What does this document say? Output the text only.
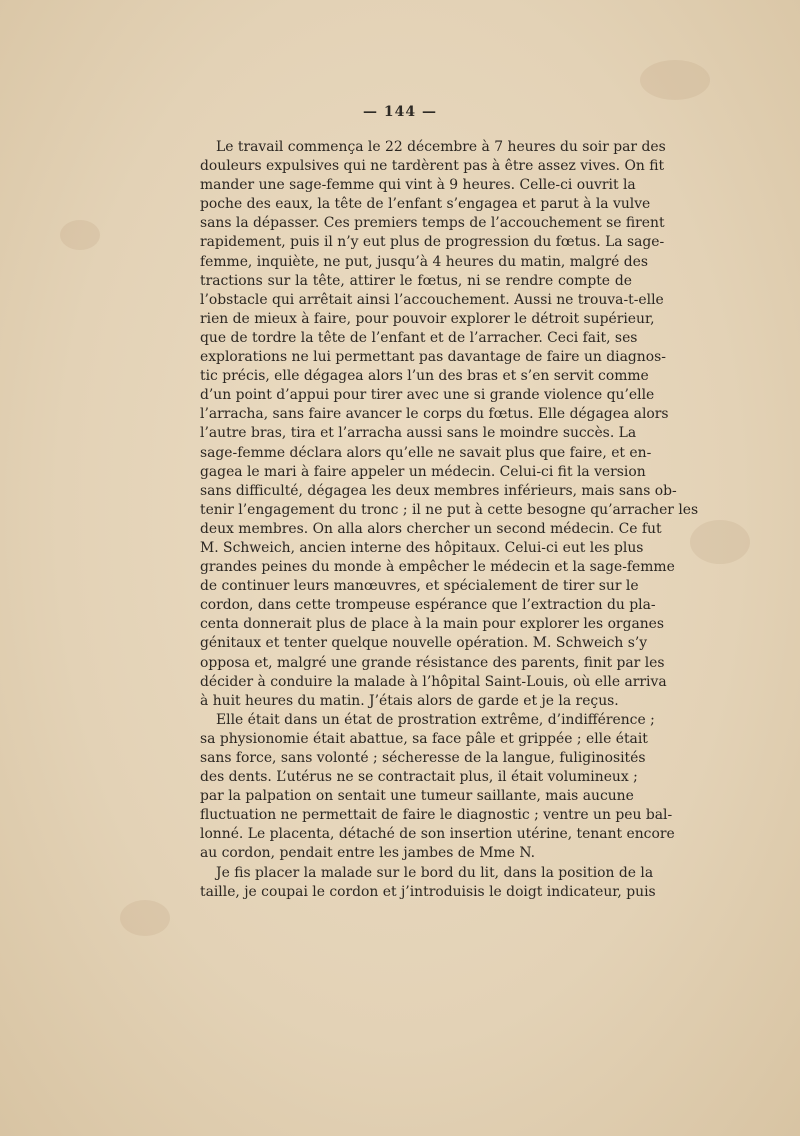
— 144 —
Le travail commença le 22 décembre à 7 heures du soir par des
douleurs expulsives qui ne tardèrent pas à être assez vives. On fit
mander une sage-femme qui vint à 9 heures. Celle-ci ouvrit la
poche des eaux, la tête de l’enfant s’engagea et parut à la vulve
sans la dépasser. Ces premiers temps de l’accouchement se firent
rapidement, puis il n’y eut plus de progression du fœtus. La sage-
femme, inquiète, ne put, jusqu’à 4 heures du matin, malgré des
tractions sur la tête, attirer le fœtus, ni se rendre compte de
l’obstacle qui arrêtait ainsi l’accouchement. Aussi ne trouva-t-elle
rien de mieux à faire, pour pouvoir explorer le détroit supérieur,
que de tordre la tête de l’enfant et de l’arracher. Ceci fait, ses
explorations ne lui permettant pas davantage de faire un diagnos-
tic précis, elle dégagea alors l’un des bras et s’en servit comme
d’un point d’appui pour tirer avec une si grande violence qu’elle
l’arracha, sans faire avancer le corps du fœtus. Elle dégagea alors
l’autre bras, tira et l’arracha aussi sans le moindre succès. La
sage-femme déclara alors qu’elle ne savait plus que faire, et en-
gagea le mari à faire appeler un médecin. Celui-ci fit la version
sans difficulté, dégagea les deux membres inférieurs, mais sans ob-
tenir l’engagement du tronc ; il ne put à cette besogne qu’arracher les
deux membres. On alla alors chercher un second médecin. Ce fut
M. Schweich, ancien interne des hôpitaux. Celui-ci eut les plus
grandes peines du monde à empêcher le médecin et la sage-femme
de continuer leurs manœuvres, et spécialement de tirer sur le
cordon, dans cette trompeuse espérance que l’extraction du pla-
centa donnerait plus de place à la main pour explorer les organes
génitaux et tenter quelque nouvelle opération. M. Schweich s’y
opposa et, malgré une grande résistance des parents, finit par les
décider à conduire la malade à l’hôpital Saint-Louis, où elle arriva
à huit heures du matin. J’étais alors de garde et je la reçus.
Elle était dans un état de prostration extrême, d’indifférence ;
sa physionomie était abattue, sa face pâle et grippée ; elle était
sans force, sans volonté ; sécheresse de la langue, fuliginosités
des dents. L’utérus ne se contractait plus, il était volumineux ;
par la palpation on sentait une tumeur saillante, mais aucune
fluctuation ne permettait de faire le diagnostic ; ventre un peu bal-
lonné. Le placenta, détaché de son insertion utérine, tenant encore
au cordon, pendait entre les jambes de Mme N.
Je fis placer la malade sur le bord du lit, dans la position de la
taille, je coupai le cordon et j’introduisis le doigt indicateur, puis
